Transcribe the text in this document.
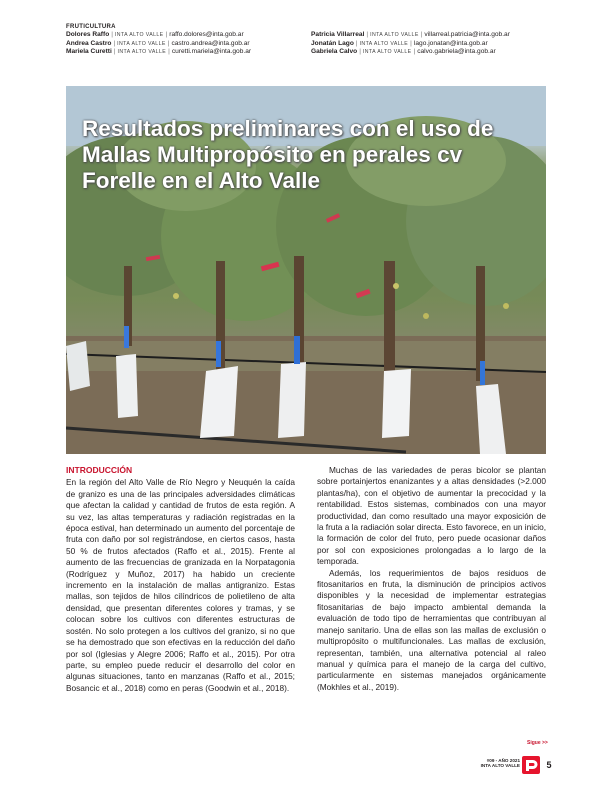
FRUTICULTURA
Dolores Raffo | INTA ALTO VALLE | raffo.dolores@inta.gob.ar
Andrea Castro | INTA ALTO VALLE | castro.andrea@inta.gob.ar
Mariela Curetti | INTA ALTO VALLE | curetti.mariela@inta.gob.ar
Patricia Villarreal | INTA ALTO VALLE | villarreal.patricia@inta.gob.ar
Jonatán Lago | INTA ALTO VALLE | lago.jonatan@inta.gob.ar
Gabriela Calvo | INTA ALTO VALLE | calvo.gabriela@inta.gob.ar
Resultados preliminares con el uso de Mallas Multipropósito en perales cv Forelle en el Alto Valle
INTRODUCCIÓN

En la región del Alto Valle de Río Negro y Neuquén la caída de granizo es una de las principales adversidades climáticas que afectan la calidad y cantidad de frutos de esta región. A su vez, las altas temperaturas y radiación registradas en la época estival, han determinado un aumento del porcentaje de fruta con daño por sol registrándose, en ciertos casos, hasta 50 % de frutos afectados (Raffo et al., 2015). Frente al aumento de las frecuencias de granizada en la Norpatagonia (Rodríguez y Muñoz, 2017) ha habido un creciente incremento en la instalación de mallas antigranizo. Estas mallas, son tejidos de hilos cilíndricos de polietileno de alta densidad, que presentan diferentes colores y tramas, y se colocan sobre los cultivos con diferentes estructuras de sostén. No solo protegen a los cultivos del granizo, si no que se ha demostrado que son efectivas en la reducción del daño por sol (Iglesias y Alegre 2006; Raffo et al., 2015). Por otra parte, su empleo puede reducir el desarrollo del color en algunas situaciones, tanto en manzanas (Raffo et al., 2015; Bosancic et al., 2018) como en peras (Goodwin et al., 2018).

Muchas de las variedades de peras bicolor se plantan sobre portainjertos enanizantes y a altas densidades (>2.000 plantas/ha), con el objetivo de aumentar la precocidad y la rentabilidad. Estos sistemas, combinados con una mayor productividad, dan como resultado una mayor exposición de la fruta a la radiación solar directa. Esto favorece, en un inicio, la formación de color del fruto, pero puede ocasionar daños por sol con exposiciones prolongadas a lo largo de la temporada.

Además, los requerimientos de bajos residuos de fitosanitarios en fruta, la disminución de principios activos disponibles y la necesidad de implementar estrategias fitosanitarias de bajo impacto ambiental demanda la evaluación de todo tipo de herramientas que contribuyan al manejo sanitario. Una de ellas son las mallas de exclusión o multipropósito o multifuncionales. Las mallas de exclusión, representan, también, una alternativa potencial al raleo manual y química para el manejo de la carga del cultivo, particularmente en sistemas manejados orgánicamente (Mokhles et al., 2019).

Sigue >>
#09 - AÑO 2021
INTA ALTO VALLE	5
